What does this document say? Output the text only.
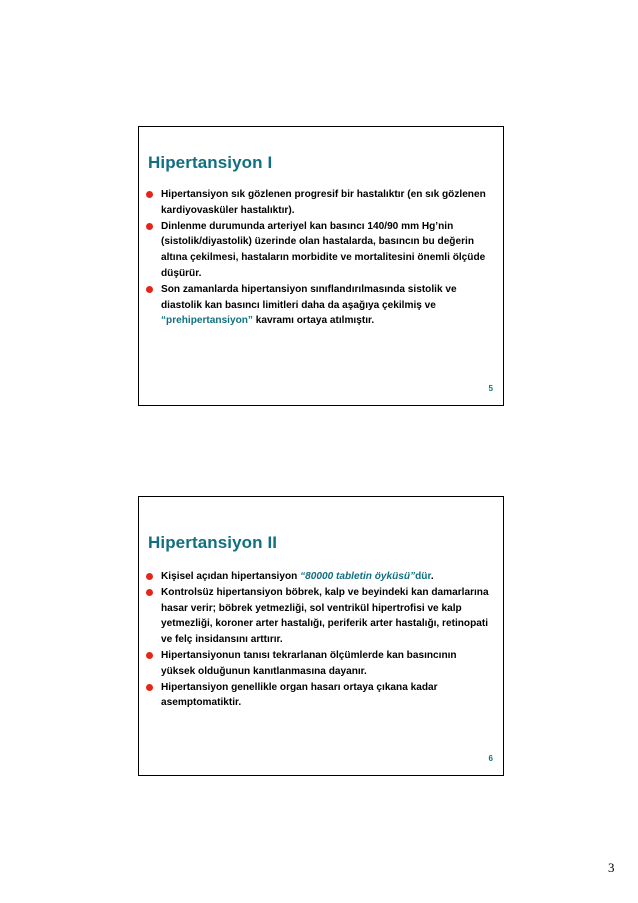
Hipertansiyon I
Hipertansiyon sık gözlenen progresif bir hastalıktır (en sık gözlenen kardiyovasküler hastalıktır).
Dinlenme durumunda arteriyel kan basıncı 140/90 mm Hg’nin (sistolik/diyastolik) üzerinde olan hastalarda, basıncın bu değerin altına çekilmesi, hastaların morbidite ve mortalitesini önemli ölçüde düşürür.
Son zamanlarda hipertansiyon sınıflandırılmasında sistolik ve diastolik kan basıncı limitleri daha da aşağıya çekilmiş ve “prehipertansiyon” kavramı ortaya atılmıştır.
5
Hipertansiyon II
Kişisel açıdan hipertansiyon “80000 tabletin öyküsü”dür.
Kontrolsüz hipertansiyon böbrek, kalp ve beyindeki kan damarlarına hasar verir; böbrek yetmezliği, sol ventrikül hipertrofisi ve kalp yetmezliği, koroner arter hastalığı, periferik arter hastalığı, retinopati ve felç insidansını arttırır.
Hipertansiyonun tanısı tekrarlanan ölçümlerde kan basıncının yüksek olduğunun kanıtlanmasına dayanır.
Hipertansiyon genellikle organ hasarı ortaya çıkana kadar asemptomatiktir.
6
3
